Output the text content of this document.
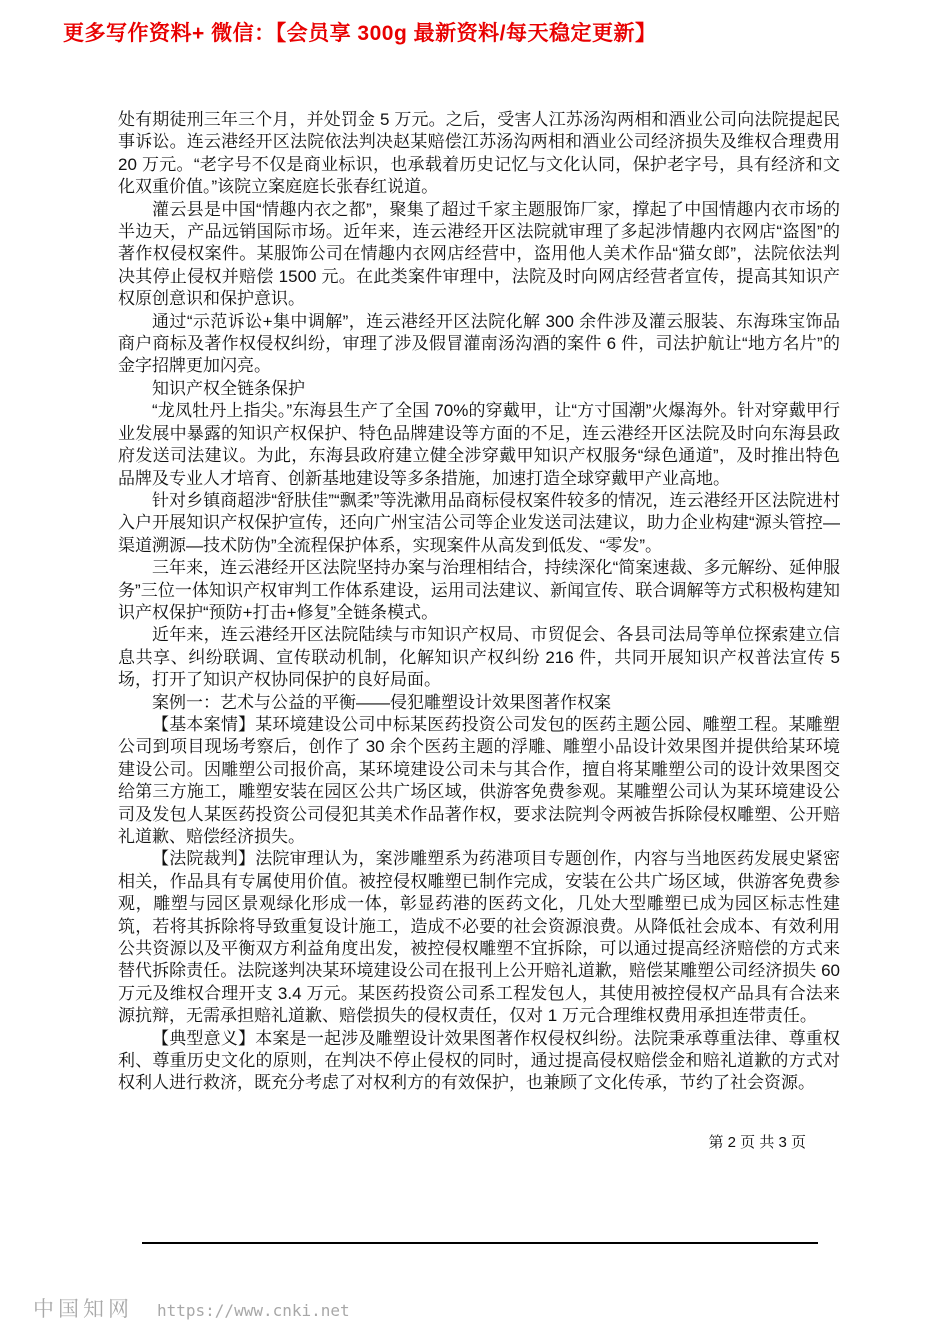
更多写作资料+ 微信：【会员享 300g 最新资料/每天稳定更新】

处有期徒刑三年三个月，并处罚金 5 万元。之后，受害人江苏汤沟两相和酒业公司向法院提起民事诉讼。连云港经开区法院依法判决赵某赔偿江苏汤沟两相和酒业公司经济损失及维权合理费用 20 万元。“老字号不仅是商业标识，也承载着历史记忆与文化认同，保护老字号，具有经济和文化双重价值。”该院立案庭庭长张春红说道。

灌云县是中国“情趣内衣之都”，聚集了超过千家主题服饰厂家，撑起了中国情趣内衣市场的半边天，产品远销国际市场。近年来，连云港经开区法院就审理了多起涉情趣内衣网店“盗图”的著作权侵权案件。某服饰公司在情趣内衣网店经营中，盗用他人美术作品“猫女郎”，法院依法判决其停止侵权并赔偿 1500 元。在此类案件审理中，法院及时向网店经营者宣传，提高其知识产权原创意识和保护意识。

通过“示范诉讼+集中调解”，连云港经开区法院化解 300 余件涉及灌云服装、东海珠宝饰品商户商标及著作权侵权纠纷，审理了涉及假冒灌南汤沟酒的案件 6 件，司法护航让“地方名片”的金字招牌更加闪亮。

知识产权全链条保护

“龙凤牡丹上指尖。”东海县生产了全国 70%的穿戴甲，让“方寸国潮”火爆海外。针对穿戴甲行业发展中暴露的知识产权保护、特色品牌建设等方面的不足，连云港经开区法院及时向东海县政府发送司法建议。为此，东海县政府建立健全涉穿戴甲知识产权服务“绿色通道”，及时推出特色品牌及专业人才培育、创新基地建设等多条措施，加速打造全球穿戴甲产业高地。

针对乡镇商超涉“舒肤佳”“飘柔”等洗漱用品商标侵权案件较多的情况，连云港经开区法院进村入户开展知识产权保护宣传，还向广州宝洁公司等企业发送司法建议，助力企业构建“源头管控—渠道溯源—技术防伪”全流程保护体系，实现案件从高发到低发、“零发”。

三年来，连云港经开区法院坚持办案与治理相结合，持续深化“简案速裁、多元解纷、延伸服务”三位一体知识产权审判工作体系建设，运用司法建议、新闻宣传、联合调解等方式积极构建知识产权保护“预防+打击+修复”全链条模式。

近年来，连云港经开区法院陆续与市知识产权局、市贸促会、各县司法局等单位探索建立信息共享、纠纷联调、宣传联动机制，化解知识产权纠纷 216 件，共同开展知识产权普法宣传 5 场，打开了知识产权协同保护的良好局面。

案例一：艺术与公益的平衡——侵犯雕塑设计效果图著作权案

【基本案情】某环境建设公司中标某医药投资公司发包的医药主题公园、雕塑工程。某雕塑公司到项目现场考察后，创作了 30 余个医药主题的浮雕、雕塑小品设计效果图并提供给某环境建设公司。因雕塑公司报价高，某环境建设公司未与其合作，擅自将某雕塑公司的设计效果图交给第三方施工，雕塑安装在园区公共广场区域，供游客免费参观。某雕塑公司认为某环境建设公司及发包人某医药投资公司侵犯其美术作品著作权，要求法院判令两被告拆除侵权雕塑、公开赔礼道歉、赔偿经济损失。

【法院裁判】法院审理认为，案涉雕塑系为药港项目专题创作，内容与当地医药发展史紧密相关，作品具有专属使用价值。被控侵权雕塑已制作完成，安装在公共广场区域，供游客免费参观，雕塑与园区景观绿化形成一体，彰显药港的医药文化，几处大型雕塑已成为园区标志性建筑，若将其拆除将导致重复设计施工，造成不必要的社会资源浪费。从降低社会成本、有效利用公共资源以及平衡双方利益角度出发，被控侵权雕塑不宜拆除，可以通过提高经济赔偿的方式来替代拆除责任。法院遂判决某环境建设公司在报刊上公开赔礼道歉，赔偿某雕塑公司经济损失 60 万元及维权合理开支 3.4 万元。某医药投资公司系工程发包人，其使用被控侵权产品具有合法来源抗辩，无需承担赔礼道歉、赔偿损失的侵权责任，仅对 1 万元合理维权费用承担连带责任。

【典型意义】本案是一起涉及雕塑设计效果图著作权侵权纠纷。法院秉承尊重法律、尊重权利、尊重历史文化的原则，在判决不停止侵权的同时，通过提高侵权赔偿金和赔礼道歉的方式对权利人进行救济，既充分考虑了对权利方的有效保护，也兼顾了文化传承，节约了社会资源。

第 2 页 共 3 页
中国知网 https://www.cnki.net
